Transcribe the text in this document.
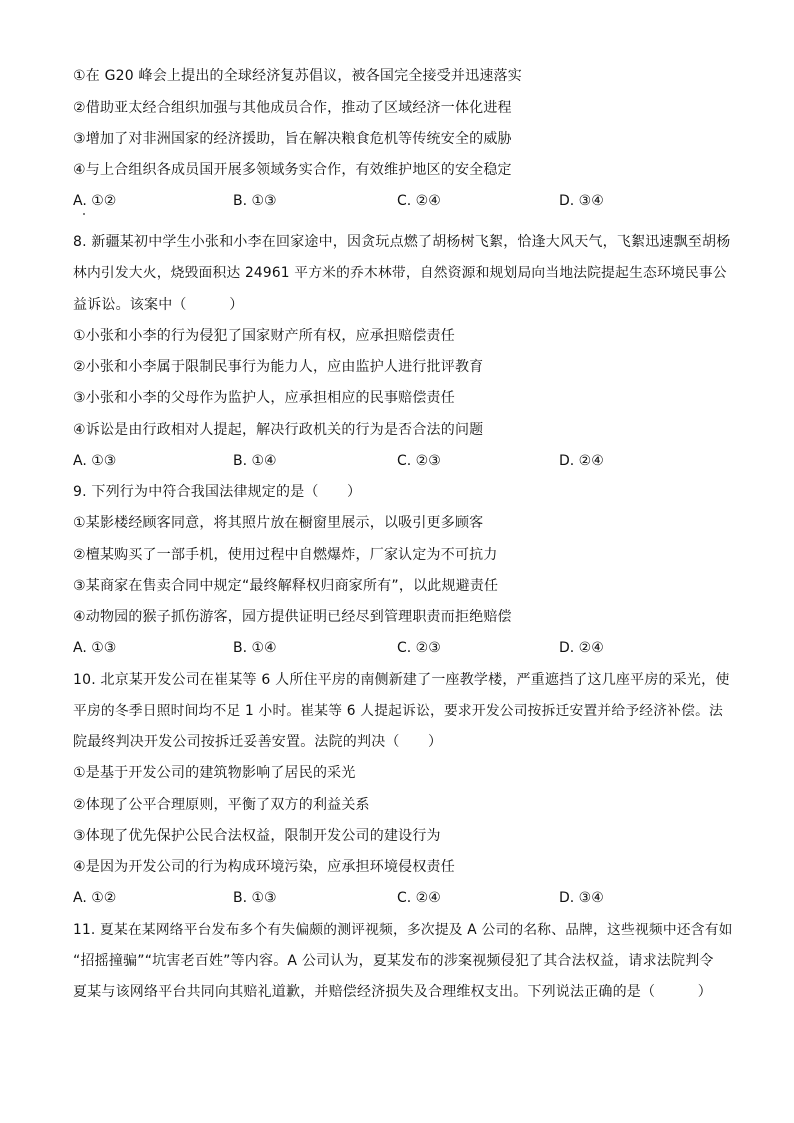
①在 G20 峰会上提出的全球经济复苏倡议，被各国完全接受并迅速落实
②借助亚太经合组织加强与其他成员合作，推动了区域经济一体化进程
③增加了对非洲国家的经济援助，旨在解决粮食危机等传统安全的威胁
④与上合组织各成员国开展多领域务实合作，有效维护地区的安全稳定
A. ①②	B. ①③	C. ②④	D. ③④
8. 新疆某初中学生小张和小李在回家途中，因贪玩点燃了胡杨树飞絮，恰逢大风天气，飞絮迅速飘至胡杨
林内引发大火，烧毁面积达 24961 平方米的乔木林带，自然资源和规划局向当地法院提起生态环境民事公
益诉讼。该案中（　　　）
①小张和小李的行为侵犯了国家财产所有权，应承担赔偿责任
②小张和小李属于限制民事行为能力人，应由监护人进行批评教育
③小张和小李的父母作为监护人，应承担相应的民事赔偿责任
④诉讼是由行政相对人提起，解决行政机关的行为是否合法的问题
A. ①③	B. ①④	C. ②③	D. ②④
9. 下列行为中符合我国法律规定的是（　　）
①某影楼经顾客同意，将其照片放在橱窗里展示，以吸引更多顾客
②檀某购买了一部手机，使用过程中自燃爆炸，厂家认定为不可抗力
③某商家在售卖合同中规定“最终解释权归商家所有”，以此规避责任
④动物园的猴子抓伤游客，园方提供证明已经尽到管理职责而拒绝赔偿
A. ①③	B. ①④	C. ②③	D. ②④
10. 北京某开发公司在崔某等 6 人所住平房的南侧新建了一座教学楼，严重遮挡了这几座平房的采光，使
平房的冬季日照时间均不足 1 小时。崔某等 6 人提起诉讼，要求开发公司按拆迁安置并给予经济补偿。法
院最终判决开发公司按拆迁妥善安置。法院的判决（　　）
①是基于开发公司的建筑物影响了居民的采光
②体现了公平合理原则，平衡了双方的利益关系
③体现了优先保护公民合法权益，限制开发公司的建设行为
④是因为开发公司的行为构成环境污染，应承担环境侵权责任
A. ①②	B. ①③	C. ②④	D. ③④
11. 夏某在某网络平台发布多个有失偏颇的测评视频，多次提及 A 公司的名称、品牌，这些视频中还含有如
“招摇撞骗”“坑害老百姓”等内容。A 公司认为，夏某发布的涉案视频侵犯了其合法权益，请求法院判令
夏某与该网络平台共同向其赔礼道歉，并赔偿经济损失及合理维权支出。下列说法正确的是（　　　）
